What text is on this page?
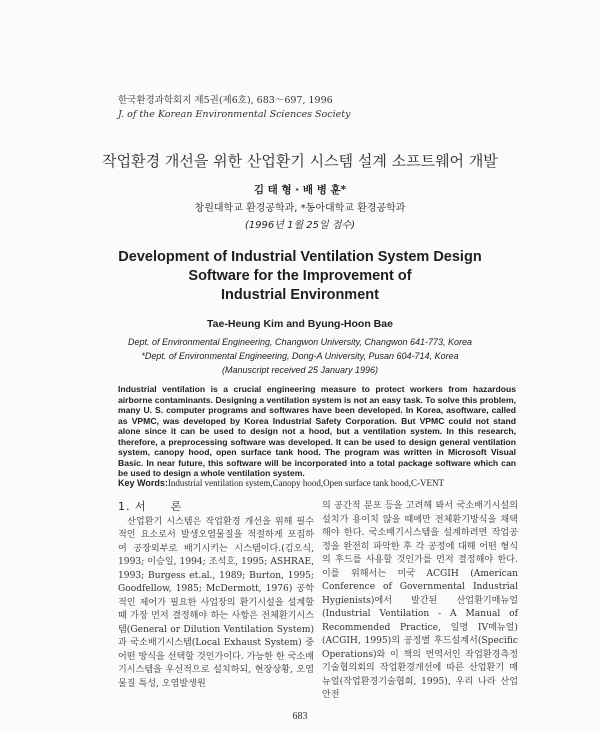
한국환경과학회지 제5권(제6호), 683～697, 1996
J. of the Korean Environmental Sciences Society
작업환경 개선을 위한 산업환기 시스템 설계 소프트웨어 개발
김 태 형 · 배 병 훈*
창원대학교 환경공학과, *동아대학교 환경공학과
(1996년 1월 25일 접수)
Development of Industrial Ventilation System Design
Software for the Improvement of
Industrial Environment
Tae-Heung Kim and Byung-Hoon Bae
Dept. of Environmental Engineering, Changwon University, Changwon 641-773, Korea
*Dept. of Environmental Engineering, Dong-A University, Pusan 604-714, Korea
(Manuscript received 25 January 1996)
Industrial ventilation is a crucial engineering measure to protect workers from hazardous airborne contaminants. Designing a ventilation system is not an easy task. To solve this problem, many U. S. computer programs and softwares have been developed. In Korea, asoftware, called as VPMC, was developed by Korea Industrial Safety Corporation. But VPMC could not stand alone since it can be used to design not a hood, but a ventilation system. In this research, therefore, a preprocessing software was developed. It can be used to design general ventilation system, canopy hood, open surface tank hood. The program was written in Microsoft Visual Basic. In near future, this software will be incorporated into a total package software which can be used to design a whole ventilation system.
Key Words:Industrial ventilation system,Canopy hood,Open surface tank hood,C-VENT
1. 서　　론

산업환기 시스템은 작업환경 개선을 위해 필수적인 요소로서 발생오염물질을 적절하게 포집하여 공장외부로 배기시키는 시스템이다.(김오식, 1993; 이승일, 1994; 조석호, 1995; ASHRAE, 1993; Burgess et.al., 1989; Burton, 1995; Goodfellow, 1985; McDermott, 1976) 공학적인 제어가 필요한 사업장의 환기시설을 설계할 때 가장 먼저 결정해야 하는 사항은 전체환기시스템(General or Dilution Ventilation System)과 국소배기시스템(Local Exhaust System) 중 어떤 방식을 선택할 것인가이다. 가능한 한 국소배기시스템을 우선적으로 설치하되, 현장상황, 오염물질 특성, 오염발생원

의 공간적 분포 등을 고려해 봐서 국소배기시설의 설치가 용이치 않을 때에만 전체환기방식을 채택해야 한다. 국소배기시스템을 설계하려면 작업공정을 완전히 파악한 후 각 공정에 대해 어떤 형식의 후드를 사용할 것인가를 먼저 결정해야 한다. 이를 위해서는 미국 ACGIH (American Conference of Governmental Industrial Hygienists)에서 발간된 산업환기매뉴얼(Industrial Ventilation - A Manual of Recommended Practice, 일명 IV매뉴얼)(ACGIH, 1995)의 공정별 후드설계서(Specific Operations)와 이 책의 번역서인 작업환경측정기술협의회의 작업환경개선에 따른 산업환기 매뉴얼(작업환경기술협회, 1995), 우리 나라 산업안전

683
